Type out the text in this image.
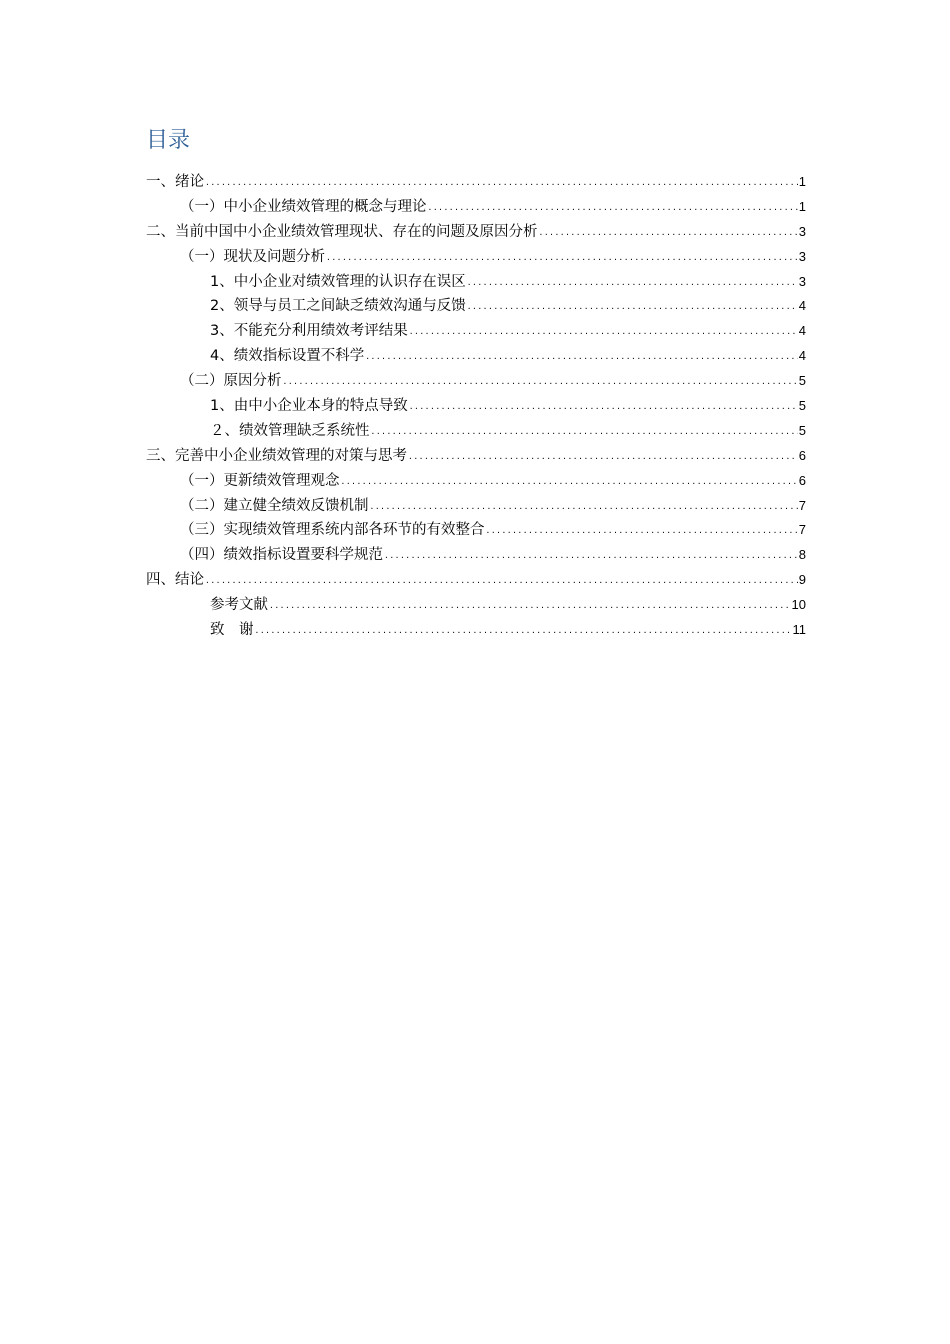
目录
一、绪论 .....	1
（一）中小企业绩效管理的概念与理论 .....	1
二、当前中国中小企业绩效管理现状、存在的问题及原因分析 .....	3
（一）现状及问题分析 .....	3
1、中小企业对绩效管理的认识存在误区 .....	3
2、领导与员工之间缺乏绩效沟通与反馈 .....	4
3、不能充分利用绩效考评结果 .....	4
4、绩效指标设置不科学 .....	4
（二）原因分析 .....	5
1、由中小企业本身的特点导致 .....	5
２、绩效管理缺乏系统性 .....	5
三、完善中小企业绩效管理的对策与思考 .....	6
（一）更新绩效管理观念 .....	6
（二）建立健全绩效反馈机制 .....	7
（三）实现绩效管理系统内部各环节的有效整合 .....	7
（四）绩效指标设置要科学规范 .....	8
四、结论 .....	9
参考文献 .....	10
致　谢 .....	11
